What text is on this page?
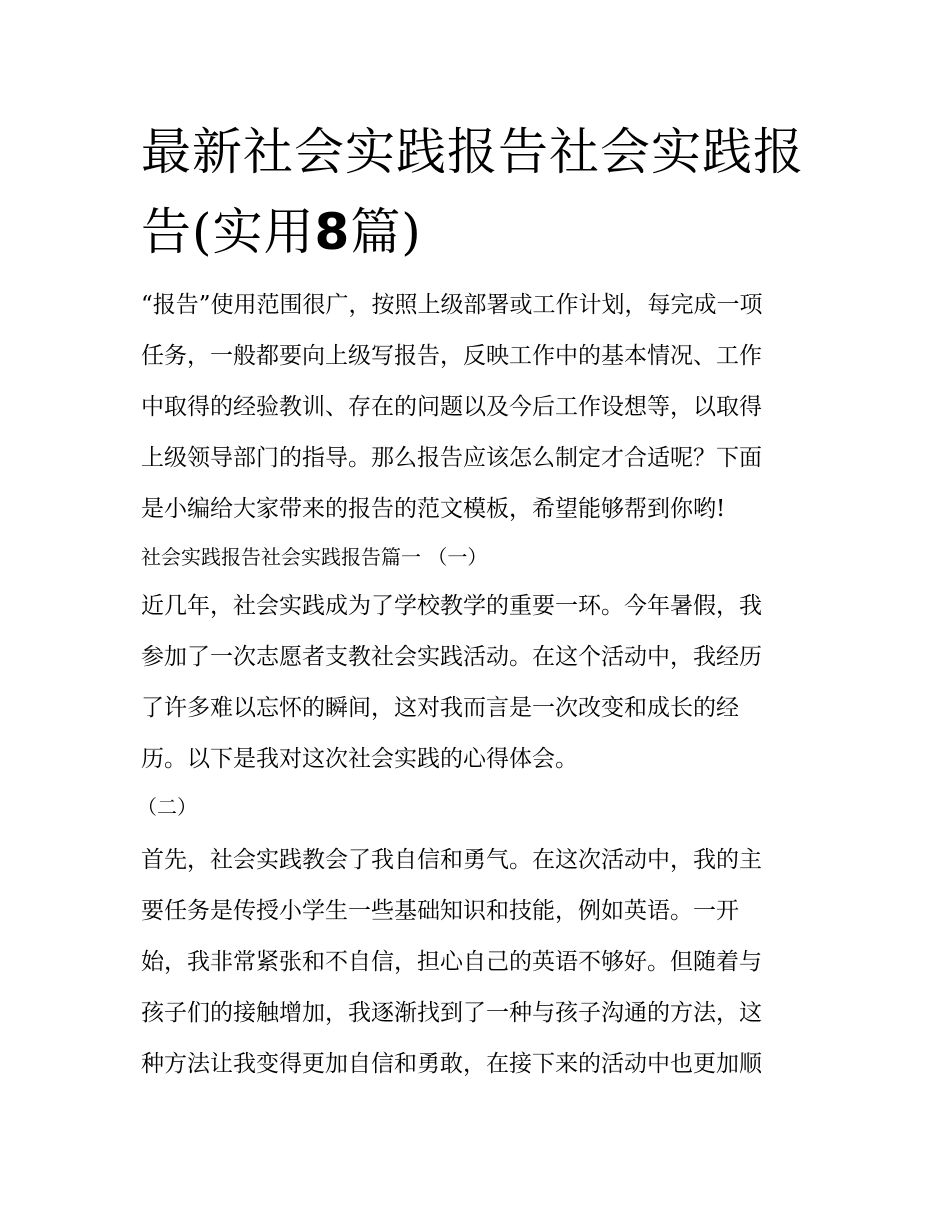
最新社会实践报告社会实践报
告(实用8篇)

“报告”使用范围很广，按照上级部署或工作计划，每完成一项

任务，一般都要向上级写报告，反映工作中的基本情况、工作

中取得的经验教训、存在的问题以及今后工作设想等，以取得

上级领导部门的指导。那么报告应该怎么制定才合适呢？下面

是小编给大家带来的报告的范文模板，希望能够帮到你哟!

社会实践报告社会实践报告篇一 （一）

近几年，社会实践成为了学校教学的重要一环。今年暑假，我

参加了一次志愿者支教社会实践活动。在这个活动中，我经历

了许多难以忘怀的瞬间，这对我而言是一次改变和成长的经

历。以下是我对这次社会实践的心得体会。

（二）

首先，社会实践教会了我自信和勇气。在这次活动中，我的主

要任务是传授小学生一些基础知识和技能，例如英语。一开

始，我非常紧张和不自信，担心自己的英语不够好。但随着与

孩子们的接触增加，我逐渐找到了一种与孩子沟通的方法，这

种方法让我变得更加自信和勇敢，在接下来的活动中也更加顺
